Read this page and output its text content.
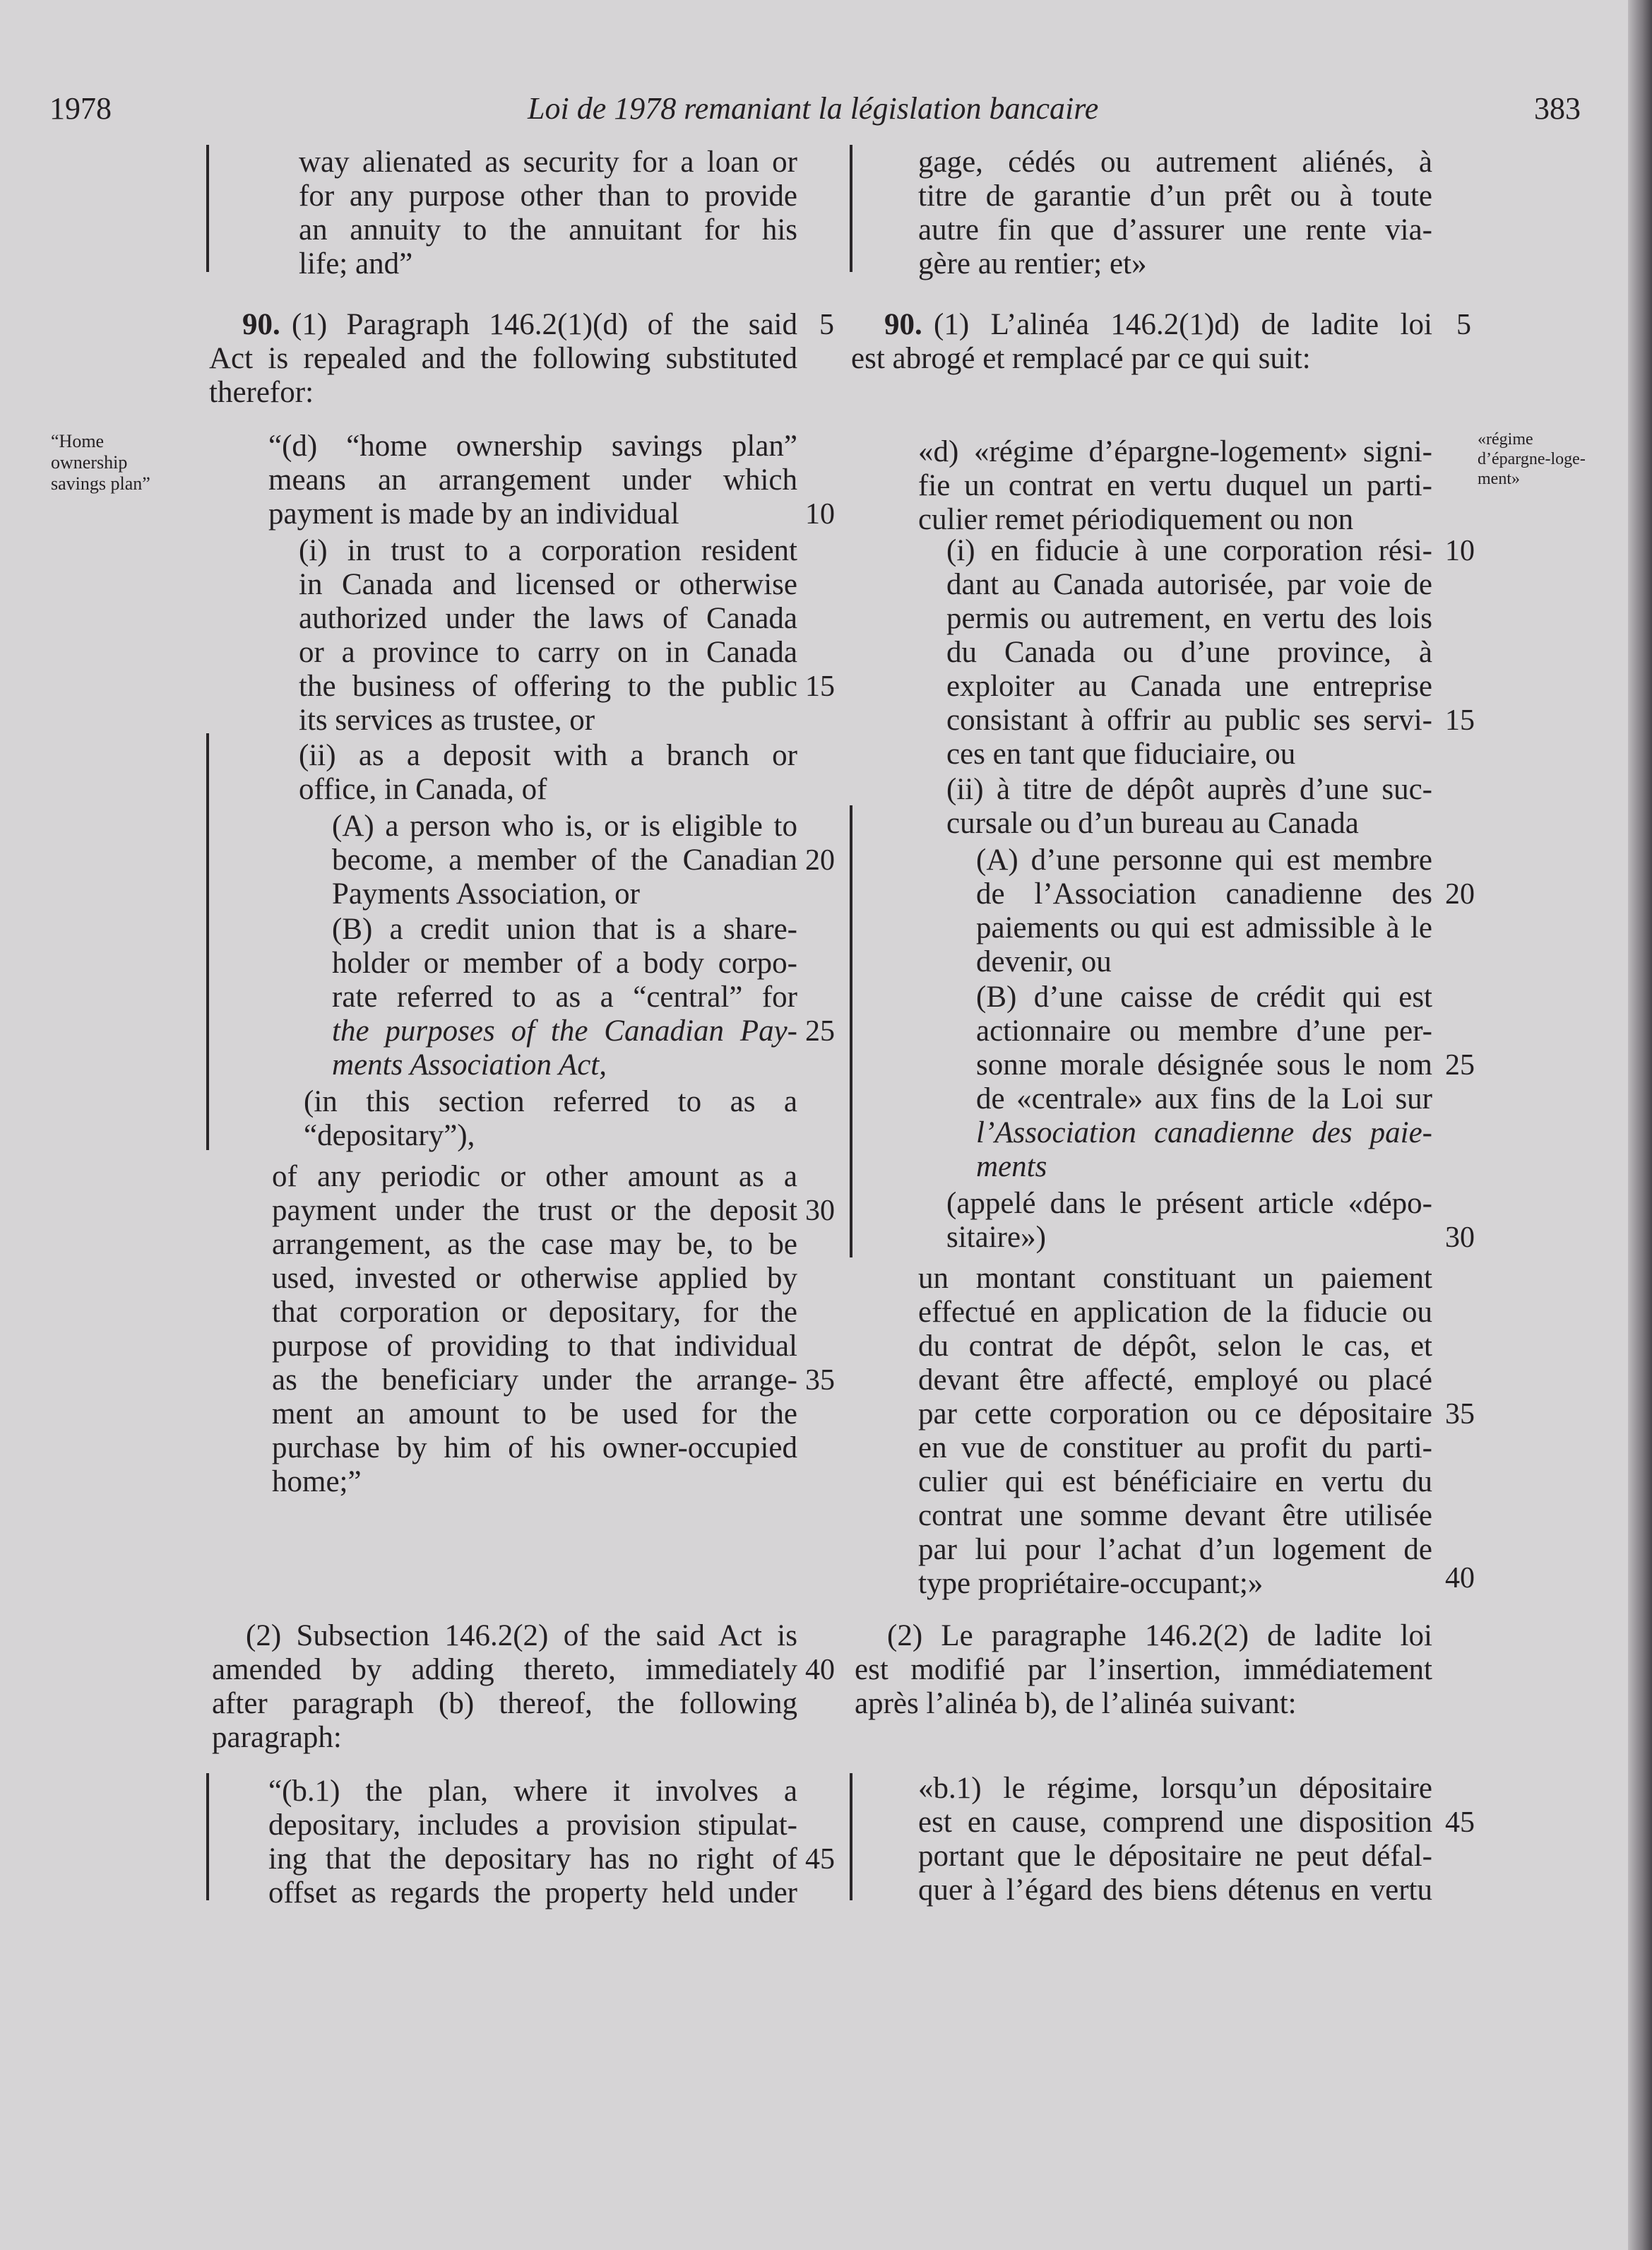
1978	Loi de 1978 remaniant la législation bancaire	383
“Home
ownership
savings plan”
«régime
d’épargne-loge-
ment»
way alienated as security for a loan or
for any purpose other than to provide
an annuity to the annuitant for his
life; and”
90. (1) Paragraph 146.2(1)(d) of the said
Act is repealed and the following substituted
therefor:
“(d) “home ownership savings plan”
means an arrangement under which
payment is made by an individual
(i) in trust to a corporation resident
in Canada and licensed or otherwise
authorized under the laws of Canada
or a province to carry on in Canada
the business of offering to the public
its services as trustee, or
(ii) as a deposit with a branch or
office, in Canada, of
(A) a person who is, or is eligible to
become, a member of the Canadian
Payments Association, or
(B) a credit union that is a share-
holder or member of a body corpo-
rate referred to as a “central” for
the purposes of the Canadian Pay-
ments Association Act,
(in this section referred to as a
“depositary”),
of any periodic or other amount as a
payment under the trust or the deposit
arrangement, as the case may be, to be
used, invested or otherwise applied by
that corporation or depositary, for the
purpose of providing to that individual
as the beneficiary under the arrange-
ment an amount to be used for the
purchase by him of his owner-occupied
home;”
(2) Subsection 146.2(2) of the said Act is
amended by adding thereto, immediately
after paragraph (b) thereof, the following
paragraph:
“(b.1) the plan, where it involves a
depositary, includes a provision stipulat-
ing that the depositary has no right of
offset as regards the property held under
5
10
15
20
25
30
35
40
45
gage, cédés ou autrement aliénés, à
titre de garantie d’un prêt ou à toute
autre fin que d’assurer une rente via-
gère au rentier; et»
90. (1) L’alinéa 146.2(1)d) de ladite loi
est abrogé et remplacé par ce qui suit:
«d) «régime d’épargne-logement» signi-
fie un contrat en vertu duquel un parti-
culier remet périodiquement ou non
(i) en fiducie à une corporation rési-
dant au Canada autorisée, par voie de
permis ou autrement, en vertu des lois
du Canada ou d’une province, à
exploiter au Canada une entreprise
consistant à offrir au public ses servi-
ces en tant que fiduciaire, ou
(ii) à titre de dépôt auprès d’une suc-
cursale ou d’un bureau au Canada
(A) d’une personne qui est membre
de l’Association canadienne des
paiements ou qui est admissible à le
devenir, ou
(B) d’une caisse de crédit qui est
actionnaire ou membre d’une per-
sonne morale désignée sous le nom
de «centrale» aux fins de la Loi sur
l’Association canadienne des paie-
ments
(appelé dans le présent article «dépo-
sitaire»)
un montant constituant un paiement
effectué en application de la fiducie ou
du contrat de dépôt, selon le cas, et
devant être affecté, employé ou placé
par cette corporation ou ce dépositaire
en vue de constituer au profit du parti-
culier qui est bénéficiaire en vertu du
contrat une somme devant être utilisée
par lui pour l’achat d’un logement de
type propriétaire-occupant;»
(2) Le paragraphe 146.2(2) de ladite loi
est modifié par l’insertion, immédiatement
après l’alinéa b), de l’alinéa suivant:
«b.1) le régime, lorsqu’un dépositaire
est en cause, comprend une disposition
portant que le dépositaire ne peut défal-
quer à l’égard des biens détenus en vertu
5
10
15
20
25
30
35
40
45
